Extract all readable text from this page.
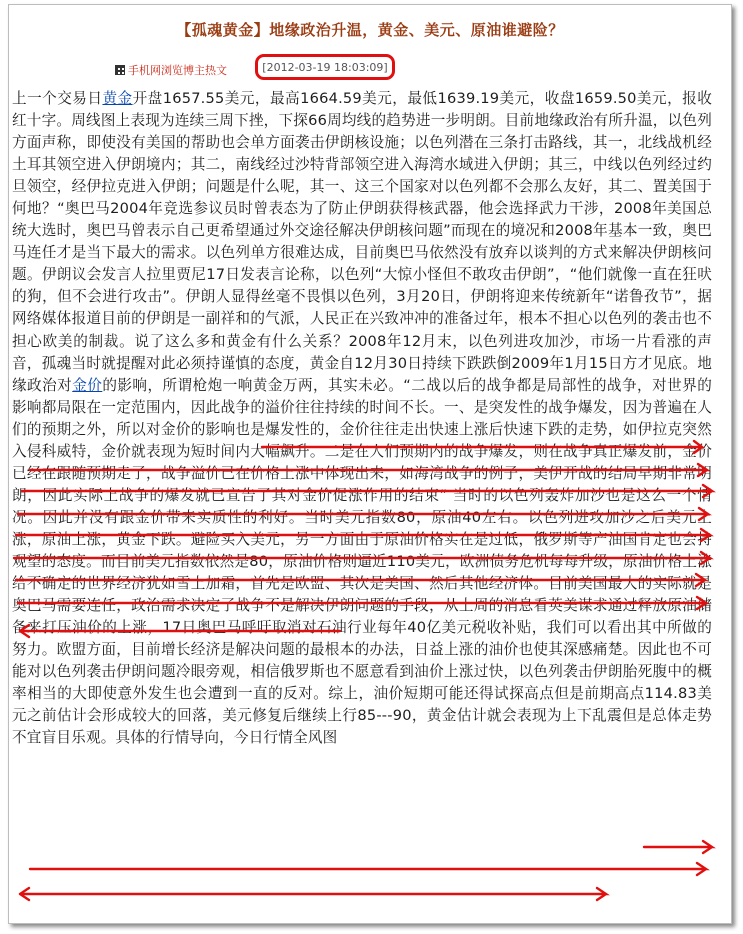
【孤魂黄金】地缘政治升温，黄金、美元、原油谁避险？
手机网浏览博主热文	[2012-03-19 18:03:09]
上一个交易日黄金开盘1657.55美元，最高1664.59美元，最低1639.19美元，收盘1659.50美元，报收红十字。周线图上表现为连续三周下挫，下探66周均线的趋势进一步明朗。目前地缘政治有所升温，以色列方面声称，即使没有美国的帮助也会单方面袭击伊朗核设施；以色列潜在三条打击路线，其一，北线战机经土耳其领空进入伊朗境内；其二，南线经过沙特背部领空进入海湾水域进入伊朗；其三，中线以色列经过约旦领空，经伊拉克进入伊朗；问题是什么呢，其一、这三个国家对以色列都不会那么友好，其二、置美国于何地？“奥巴马2004年竞选参议员时曾表态为了防止伊朗获得核武器，他会选择武力干涉，2008年美国总统大选时，奥巴马曾表示自己更希望通过外交途径解决伊朗核问题”而现在的境况和2008年基本一致，奥巴马连任才是当下最大的需求。以色列单方很难达成，目前奥巴马依然没有放弃以谈判的方式来解决伊朗核问题。伊朗议会发言人拉里贾尼17日发表言论称，以色列“大惊小怪但不敢攻击伊朗”，“他们就像一直在狂吠的狗，但不会进行攻击”。伊朗人显得丝毫不畏惧以色列，3月20日，伊朗将迎来传统新年“诺鲁孜节”，据网络媒体报道目前的伊朗是一副祥和的气派，人民正在兴致冲冲的准备过年，根本不担心以色列的袭击也不担心欧美的制裁。说了这么多和黄金有什么关系？2008年12月末，以色列进攻加沙，市场一片看涨的声音，孤魂当时就提醒对此必须持谨慎的态度，黄金自12月30日持续下跌跌倒2009年1月15日方才见底。地缘政治对金价的影响，所谓枪炮一响黄金万两，其实未必。“二战以后的战争都是局部性的战争，对世界的影响都局限在一定范围内，因此战争的溢价往往持续的时间不长。一、是突发性的战争爆发，因为普遍在人们的预期之外，所以对金价的影响也是爆发性的，金价往往走出快速上涨后快速下跌的走势，如伊拉克突然入侵科威特，金价就表现为短时间内大幅飙升。二是在人们预期内的战争爆发，则在战争真正爆发前，金价已经在跟随预期走了，战争溢价已在价格上涨中体现出来，如海湾战争的例子，美伊开战的结局早期非常明朗，因此实际上战争的爆发就已宣告了其对金价促涨作用的结束” 当时的以色列轰炸加沙也是这么一个情况。因此并没有跟金价带来实质性的利好。当时美元指数80，原油40左右。以色列进攻加沙之后美元上涨，原油上涨，黄金下跌。避险买入美元，另一方面由于原油价格实在是过低，俄罗斯等产油国肯定也会持观望的态度。而目前美元指数依然是80，原油价格则逼近110美元，欧洲债务危机每每升级，原油价格上涨给不确定的世界经济犹如雪上加霜，首先是欧盟、其次是美国、然后其他经济体。目前美国最大的实际就是奥巴马需要连任，政治需求决定了战争不是解决伊朗问题的手段，从上周的消息看英美谋求通过释放原油储备来打压油价的上涨，17日奥巴马呼吁取消对石油行业每年40亿美元税收补贴，我们可以看出其中所做的努力。欧盟方面，目前增长经济是解决问题的最根本的办法，日益上涨的油价也使其深感痛楚。因此也不可能对以色列袭击伊朗问题冷眼旁观，相信俄罗斯也不愿意看到油价上涨过快，以色列袭击伊朗胎死腹中的概率相当的大即使意外发生也会遭到一直的反对。综上，油价短期可能还得试探高点但是前期高点114.83美元之前估计会形成较大的回落，美元修复后继续上行85---90，黄金估计就会表现为上下乱震但是总体走势不宜盲目乐观。具体的行情导向，今日行情全风图
